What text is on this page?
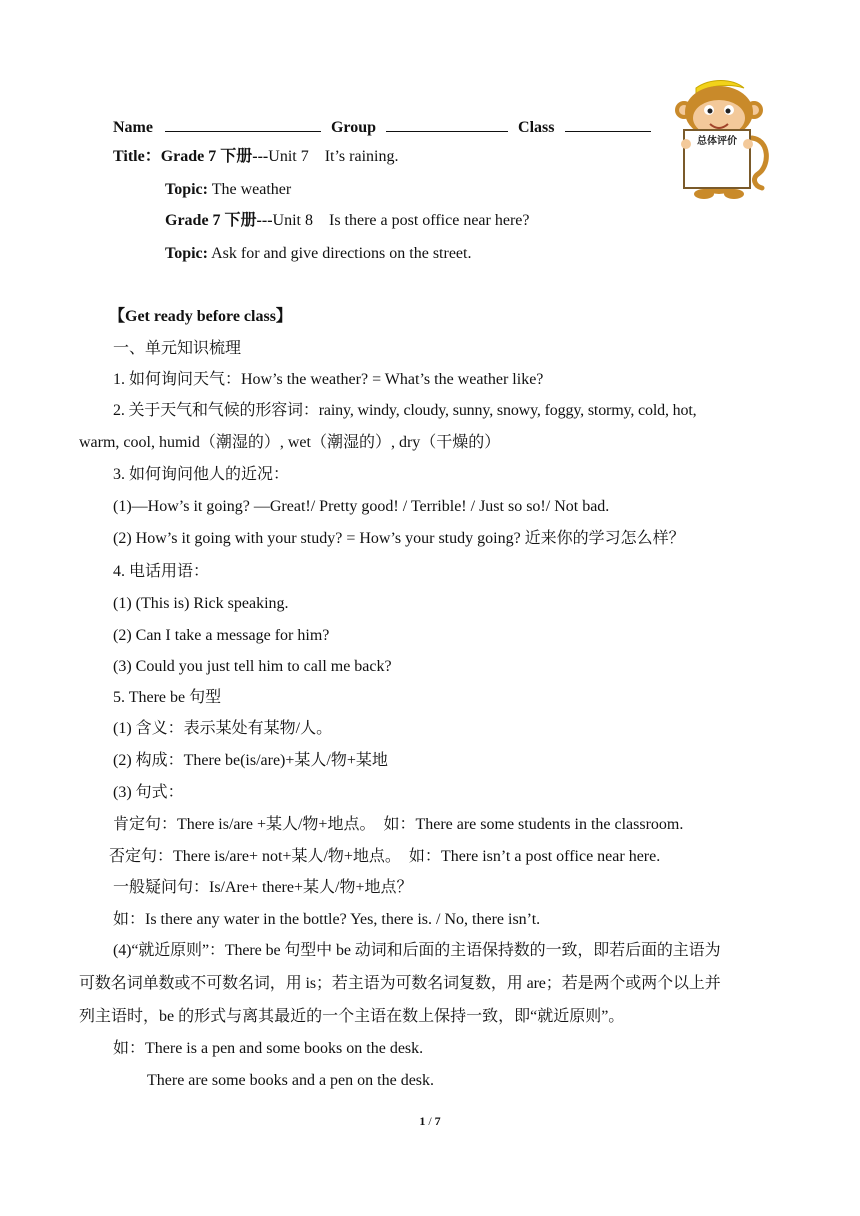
Name	Group	Class
总体评价
Title：Grade 7 下册---Unit 7　It’s raining.
Topic: The weather
Grade 7 下册---Unit 8　Is there a post office near here?
Topic: Ask for and give directions on the street.
【Get ready before class】
一、单元知识梳理
1. 如何询问天气：How’s the weather? = What’s the weather like?
2. 关于天气和气候的形容词：rainy, windy, cloudy, sunny, snowy, foggy, stormy, cold, hot,
warm, cool, humid（潮湿的）, wet（潮湿的）, dry（干燥的）
3. 如何询问他人的近况：
(1)—How’s it going? —Great!/ Pretty good! / Terrible! / Just so so!/ Not bad.
(2) How’s it going with your study? = How’s your study going? 近来你的学习怎么样？
4. 电话用语：
(1) (This is) Rick speaking.
(2) Can I take a message for him?
(3) Could you just tell him to call me back?
5. There be 句型
(1) 含义：表示某处有某物/人。
(2) 构成：There be(is/are)+某人/物+某地
(3) 句式：
肯定句：There is/are +某人/物+地点。　如：There are some students in the classroom.
否定句：There is/are+ not+某人/物+地点。　如：There isn’t a post office near here.
一般疑问句：Is/Are+ there+某人/物+地点？
如：Is there any water in the bottle? Yes, there is. / No, there isn’t.
(4)“就近原则”：There be 句型中 be 动词和后面的主语保持数的一致，即若后面的主语为
可数名词单数或不可数名词，用 is；若主语为可数名词复数，用 are；若是两个或两个以上并
列主语时，be 的形式与离其最近的一个主语在数上保持一致，即“就近原则”。
如：There is a pen and some books on the desk.
There are some books and a pen on the desk.
1 / 7
